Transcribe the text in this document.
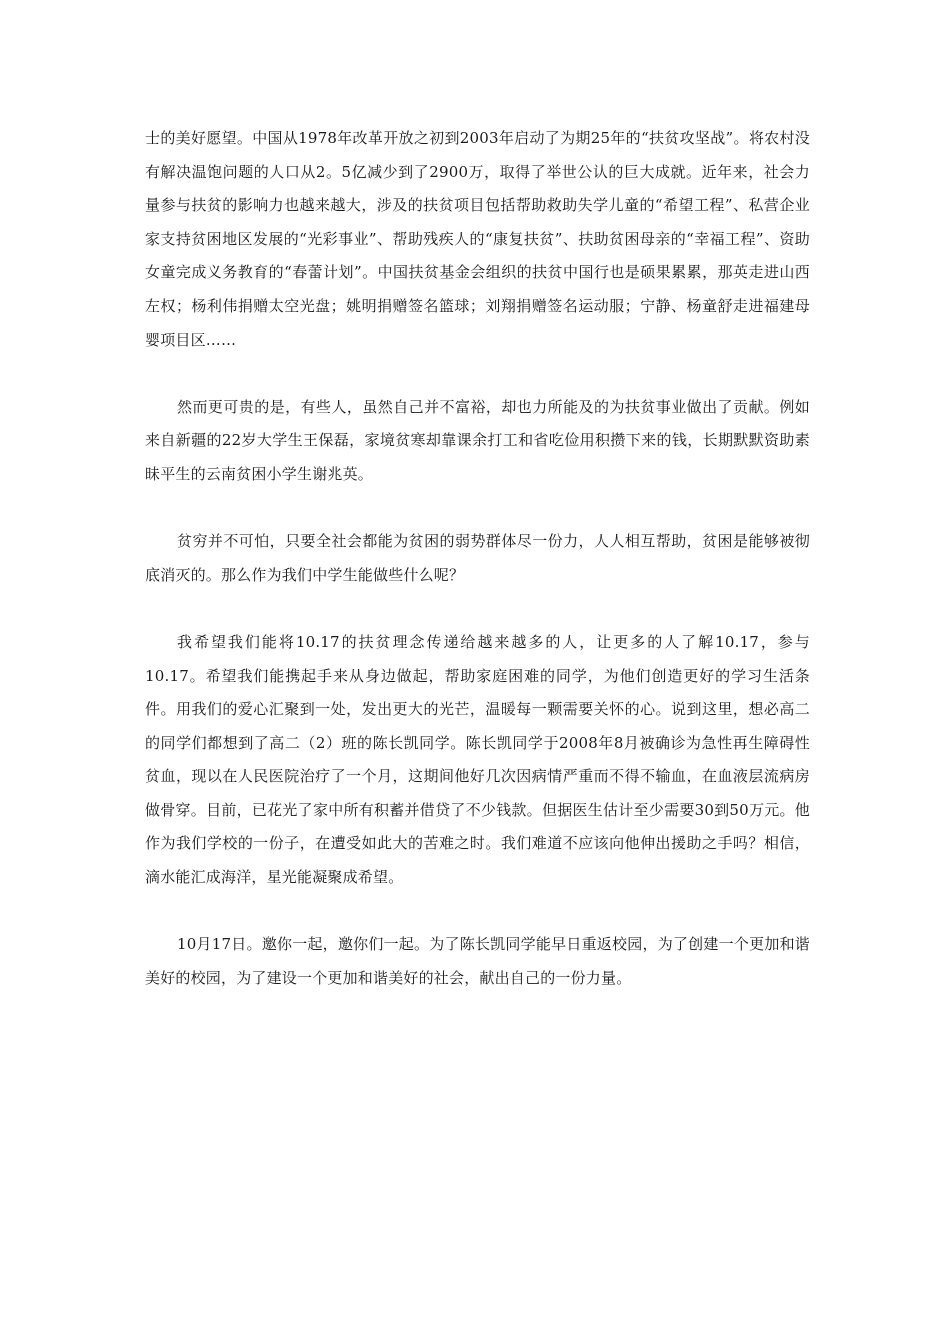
士的美好愿望。中国从1978年改革开放之初到2003年启动了为期25年的“扶贫攻坚战”。将农村没有解决温饱问题的人口从2。5亿减少到了2900万，取得了举世公认的巨大成就。近年来，社会力量参与扶贫的影响力也越来越大，涉及的扶贫项目包括帮助救助失学儿童的“希望工程”、私营企业家支持贫困地区发展的“光彩事业”、帮助残疾人的“康复扶贫”、扶助贫困母亲的“幸福工程”、资助女童完成义务教育的“春蕾计划”。中国扶贫基金会组织的扶贫中国行也是硕果累累，那英走进山西左权；杨利伟捐赠太空光盘；姚明捐赠签名篮球；刘翔捐赠签名运动服；宁静、杨童舒走进福建母婴项目区……

然而更可贵的是，有些人，虽然自己并不富裕，却也力所能及的为扶贫事业做出了贡献。例如来自新疆的22岁大学生王保磊，家境贫寒却靠课余打工和省吃俭用积攒下来的钱，长期默默资助素昧平生的云南贫困小学生谢兆英。

贫穷并不可怕，只要全社会都能为贫困的弱势群体尽一份力，人人相互帮助，贫困是能够被彻底消灭的。那么作为我们中学生能做些什么呢？

我希望我们能将10.17的扶贫理念传递给越来越多的人，让更多的人了解10.17，参与10.17。希望我们能携起手来从身边做起，帮助家庭困难的同学，为他们创造更好的学习生活条件。用我们的爱心汇聚到一处，发出更大的光芒，温暖每一颗需要关怀的心。说到这里，想必高二的同学们都想到了高二（2）班的陈长凯同学。陈长凯同学于2008年8月被确诊为急性再生障碍性贫血，现以在人民医院治疗了一个月，这期间他好几次因病情严重而不得不输血，在血液层流病房做骨穿。目前，已花光了家中所有积蓄并借贷了不少钱款。但据医生估计至少需要30到50万元。他作为我们学校的一份子，在遭受如此大的苦难之时。我们难道不应该向他伸出援助之手吗？相信，滴水能汇成海洋，星光能凝聚成希望。

10月17日。邀你一起，邀你们一起。为了陈长凯同学能早日重返校园，为了创建一个更加和谐美好的校园，为了建设一个更加和谐美好的社会，献出自己的一份力量。
